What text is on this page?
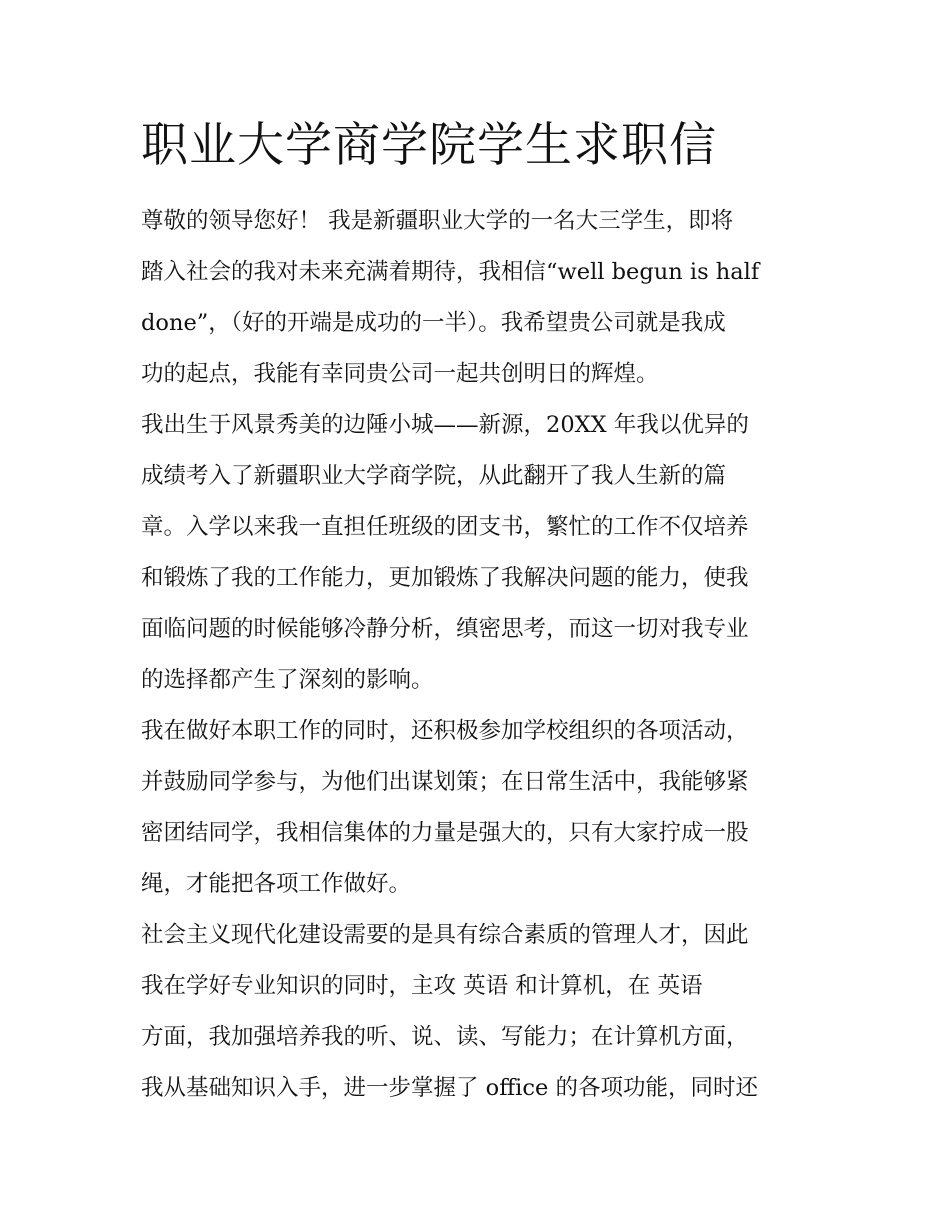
职业大学商学院学生求职信
尊敬的领导您好！ 我是新疆职业大学的一名大三学生，即将
踏入社会的我对未来充满着期待，我相信“well begun is half
done”，（好的开端是成功的一半）。我希望贵公司就是我成
功的起点，我能有幸同贵公司一起共创明日的辉煌。
我出生于风景秀美的边陲小城——新源，20XX 年我以优异的
成绩考入了新疆职业大学商学院，从此翻开了我人生新的篇
章。入学以来我一直担任班级的团支书，繁忙的工作不仅培养
和锻炼了我的工作能力，更加锻炼了我解决问题的能力，使我
面临问题的时候能够冷静分析，缜密思考，而这一切对我专业
的选择都产生了深刻的影响。
我在做好本职工作的同时，还积极参加学校组织的各项活动，
并鼓励同学参与，为他们出谋划策；在日常生活中，我能够紧
密团结同学，我相信集体的力量是强大的，只有大家拧成一股
绳，才能把各项工作做好。
社会主义现代化建设需要的是具有综合素质的管理人才，因此
我在学好专业知识的同时，主攻 英语 和计算机，在 英语
方面，我加强培养我的听、说、读、写能力；在计算机方面，
我从基础知识入手，进一步掌握了 office 的各项功能，同时还
